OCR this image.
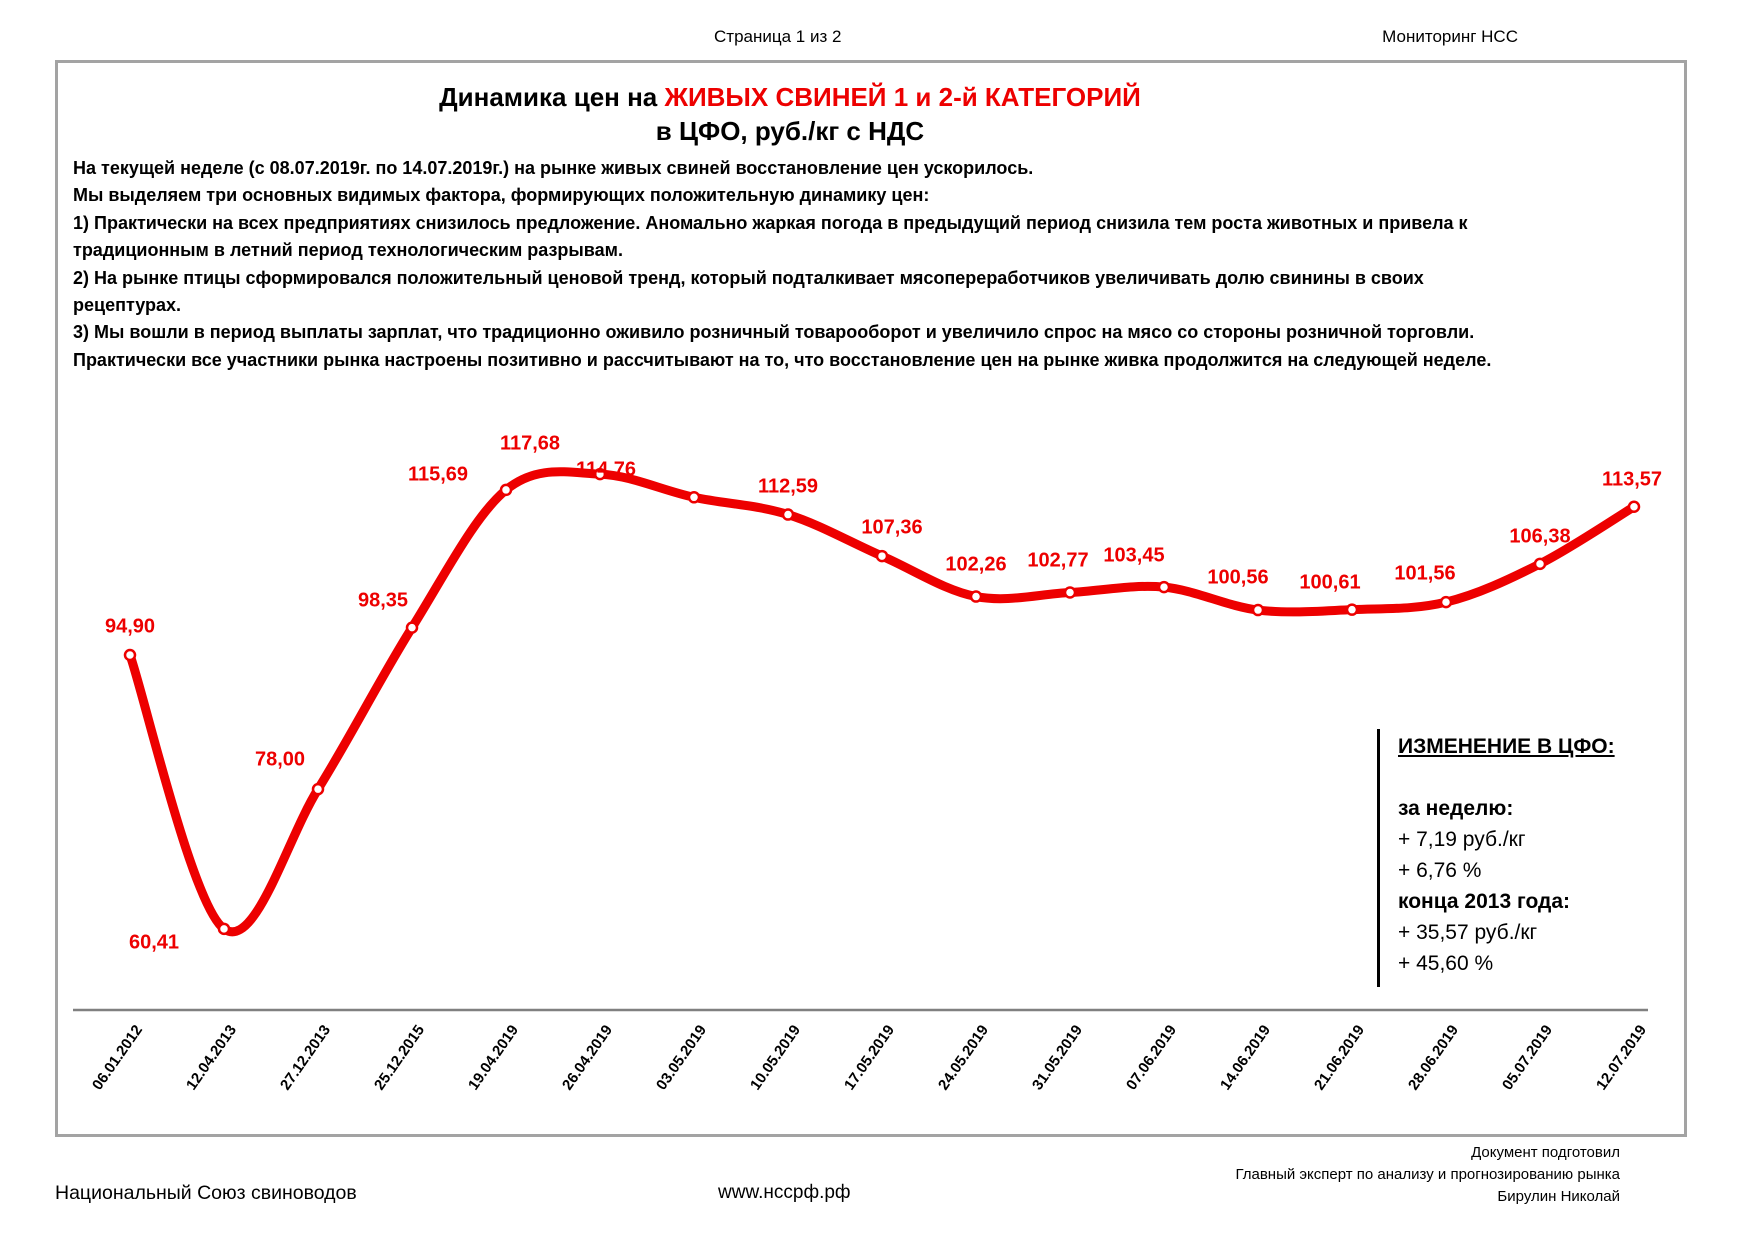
Страница 1 из 2	Мониторинг НСС
Динамика цен на ЖИВЫХ СВИНЕЙ 1 и 2-й КАТЕГОРИЙ
в ЦФО, руб./кг с НДС
На текущей неделе (с 08.07.2019г. по 14.07.2019г.) на рынке живых свиней восстановление цен ускорилось.
Мы выделяем три основных видимых фактора, формирующих положительную динамику цен:
1) Практически на всех предприятиях снизилось предложение. Аномально жаркая погода в предыдущий период снизила тем роста животных и привела к
традиционным в летний период технологическим разрывам.
2) На рынке птицы сформировался положительный ценовой тренд, который подталкивает мясопереработчиков увеличивать долю свинины в своих
рецептурах.
3) Мы вошли в период выплаты зарплат, что традиционно оживило розничный товарооборот и увеличило спрос на мясо со стороны розничной торговли.
Практически все участники рынка настроены позитивно и рассчитывают на то, что восстановление цен на рынке живка продолжится на следующей неделе.
94,90
60,41
78,00
98,35
115,69
117,68
114,76
112,59
107,36
102,26 102,77 103,45
100,56 100,61 101,56
106,38
113,57
06.01.2012 12.04.2013 27.12.2013 25.12.2015 19.04.2019 26.04.2019 03.05.2019 10.05.2019 17.05.2019 24.05.2019 31.05.2019 07.06.2019 14.06.2019 21.06.2019 28.06.2019 05.07.2019 12.07.2019
ИЗМЕНЕНИЕ В ЦФО:
за неделю:
+ 7,19 руб./кг
+ 6,76 %
конца 2013 года:
+ 35,57 руб./кг
+ 45,60 %
Национальный Союз свиноводов	www.нссрф.рф
Документ подготовил
Главный эксперт по анализу и прогнозированию рынка
Бирулин Николай
